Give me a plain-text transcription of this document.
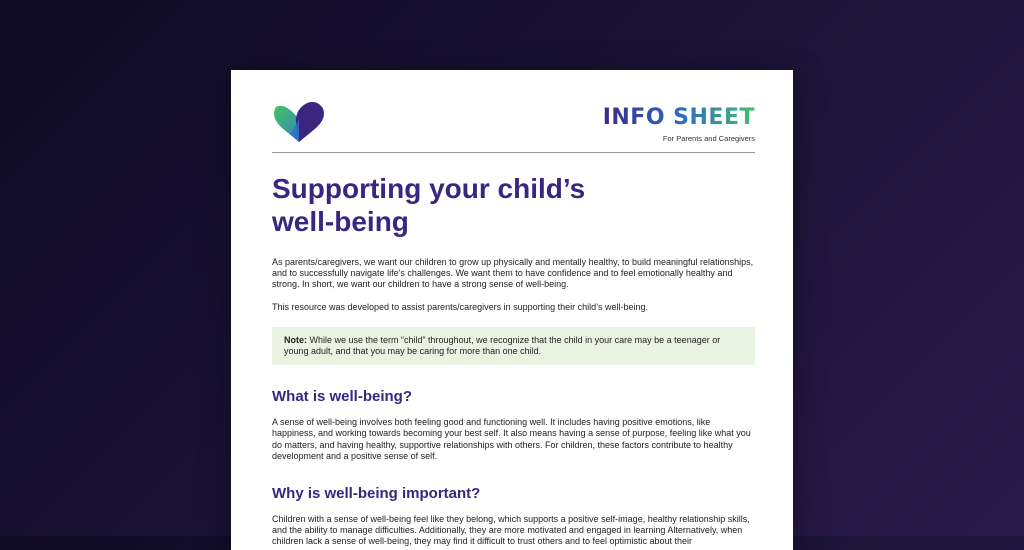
INFO SHEET
For Parents and Caregivers
Supporting your child’s
well-being

As parents/caregivers, we want our children to grow up physically and mentally healthy, to build meaningful relationships, and to successfully navigate life’s challenges. We want them to have confidence and to feel emotionally healthy and strong. In short, we want our children to have a strong sense of well-being.

This resource was developed to assist parents/caregivers in supporting their child’s well-being.

Note: While we use the term “child” throughout, we recognize that the child in your care may be a teenager or young adult, and that you may be caring for more than one child.
What is well-being?

A sense of well-being involves both feeling good and functioning well. It includes having positive emotions, like happiness, and working towards becoming your best self. It also means having a sense of purpose, feeling like what you do matters, and having healthy, supportive relationships with others. For children, these factors contribute to healthy development and a positive sense of self.

Why is well-being important?

Children with a sense of well-being feel like they belong, which supports a positive self-image, healthy relationship skills, and the ability to manage difficulties. Additionally, they are more motivated and engaged in learning Alternatively, when children lack a sense of well-being, they may find it difficult to trust others and to feel optimistic about their
